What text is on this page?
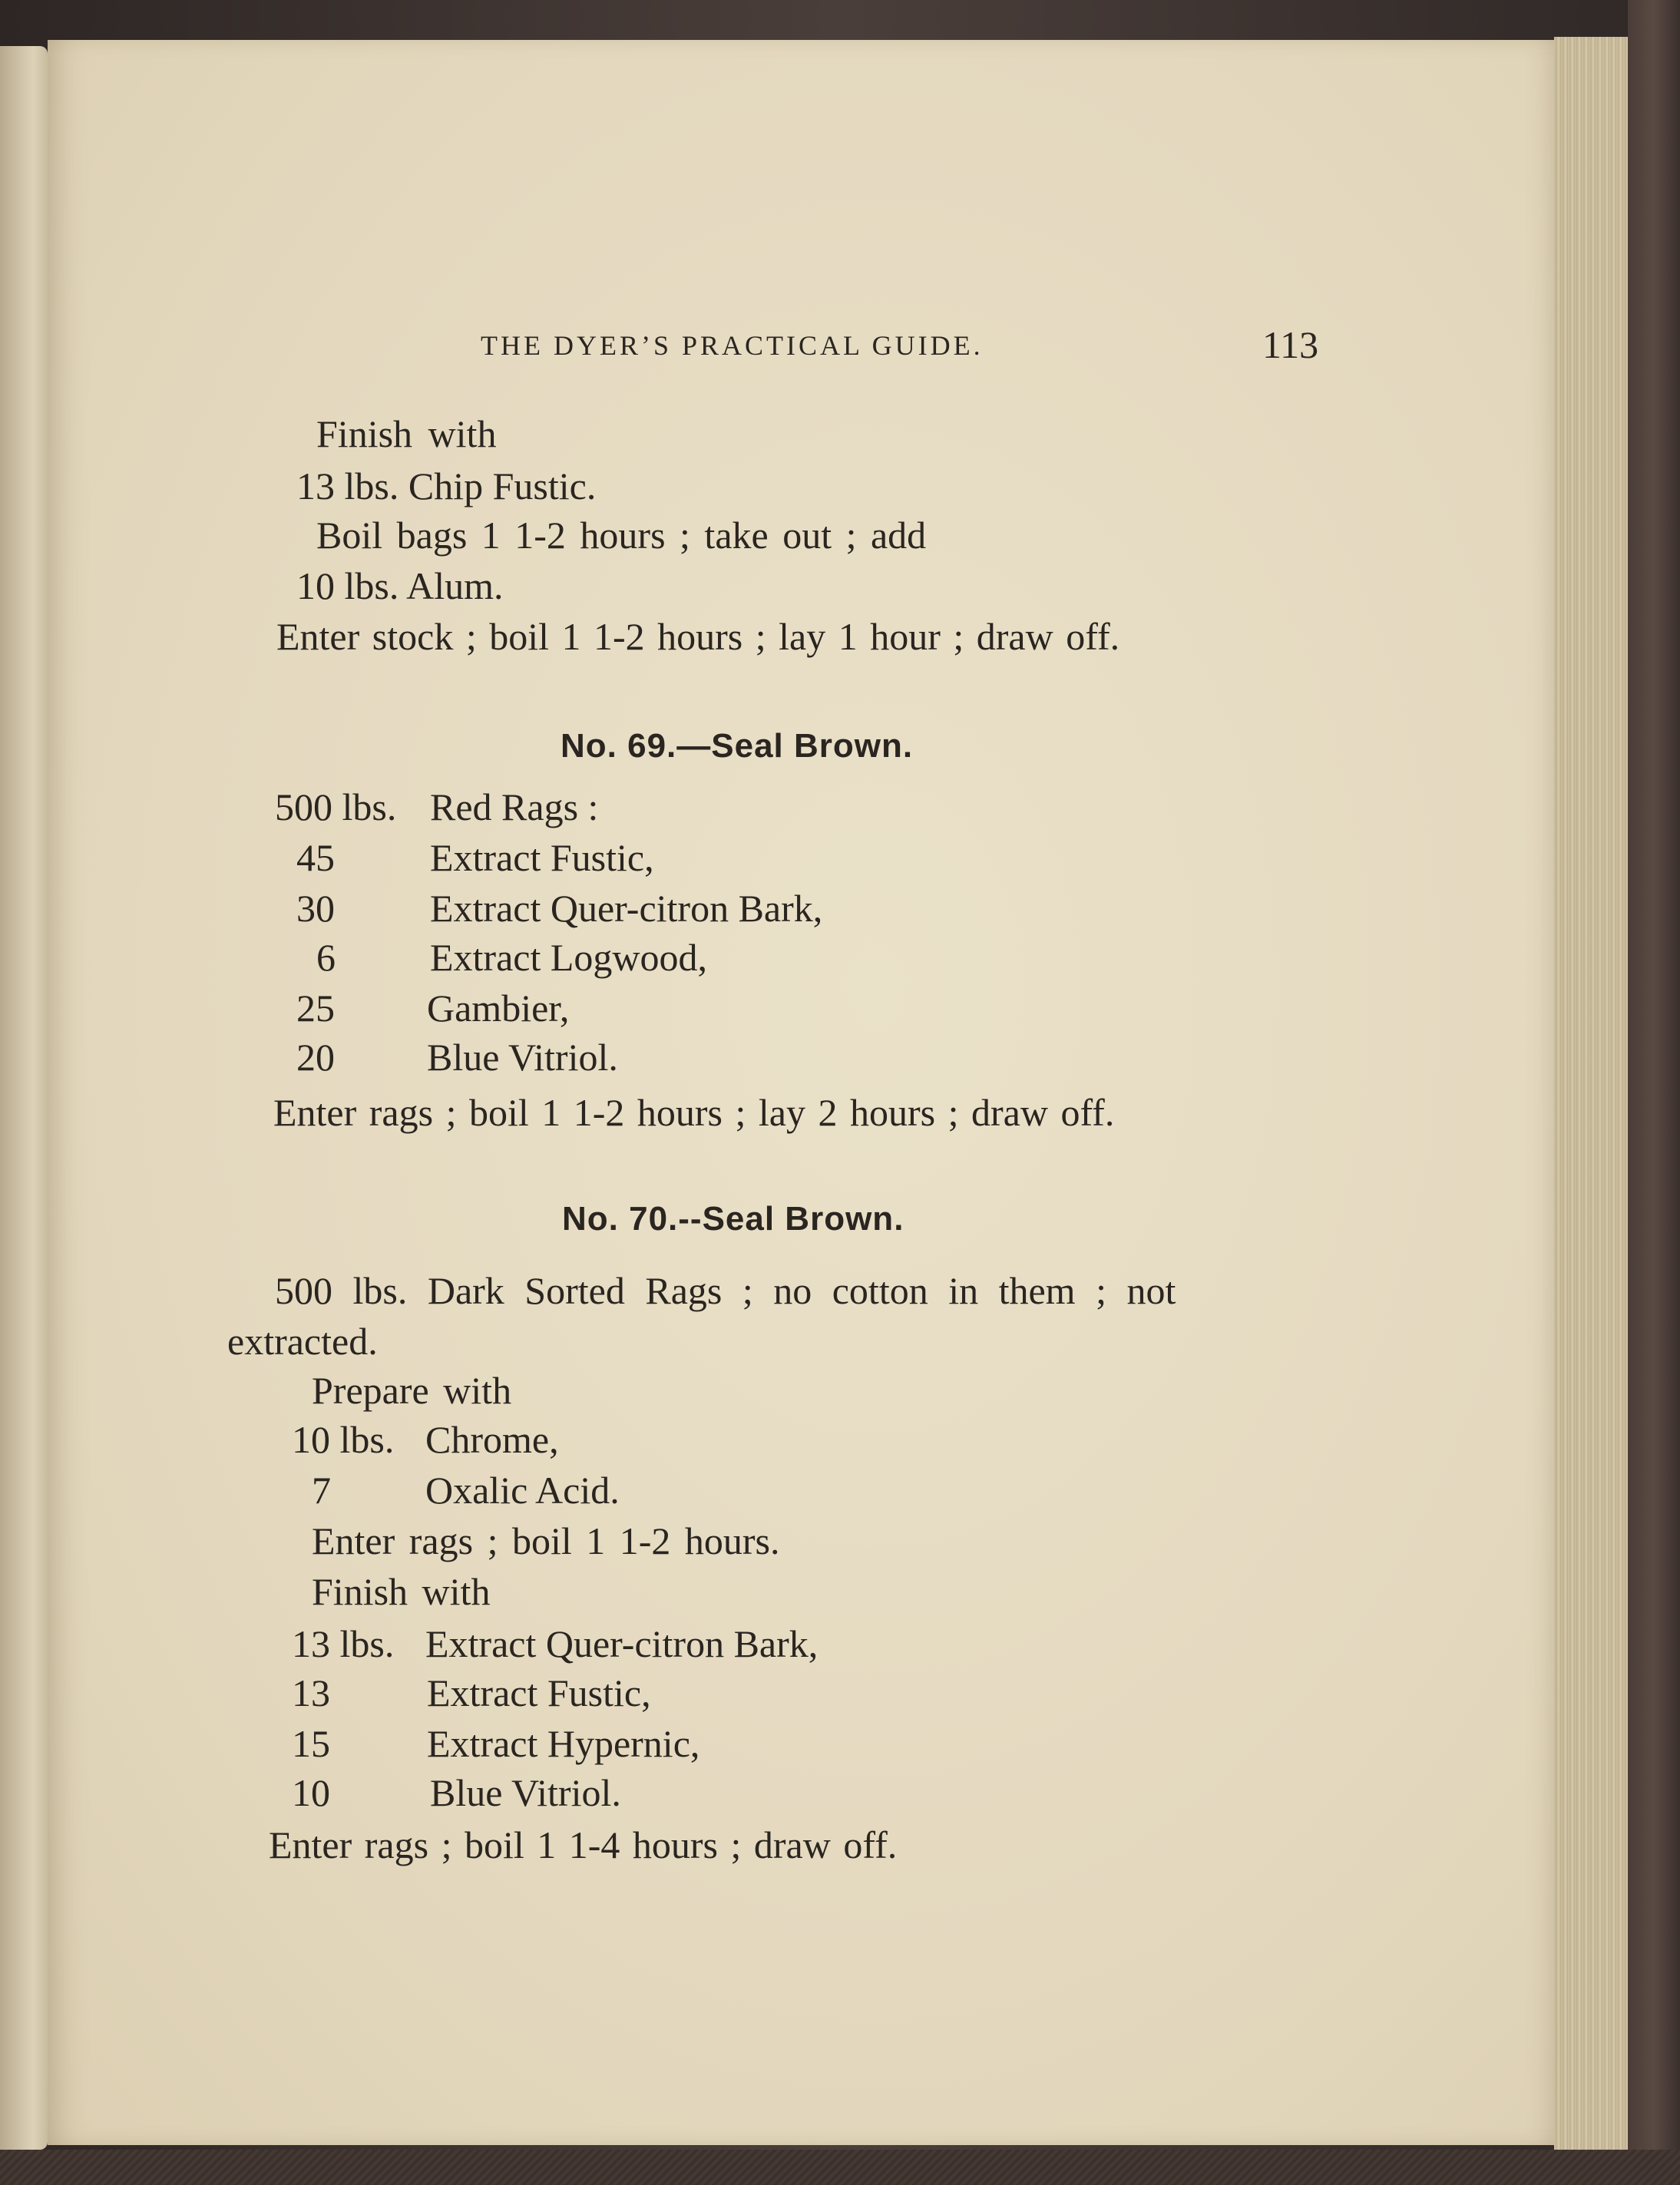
THE DYER’S PRACTICAL GUIDE.	113
Finish with
13 lbs. Chip Fustic.
Boil bags 1 1-2 hours ; take out ; add
10 lbs. Alum.
Enter stock ; boil 1 1-2 hours ; lay 1 hour ; draw off.
No. 69.—Seal Brown.
500 lbs. Red Rags :
45 Extract Fustic,
30 Extract Quer-citron Bark,
6 Extract Logwood,
25 Gambier,
20 Blue Vitriol.
Enter rags ; boil 1 1-2 hours ; lay 2 hours ; draw off.
No. 70.--Seal Brown.
500 lbs. Dark Sorted Rags ; no cotton in them ; not
extracted.
Prepare with
10 lbs. Chrome,
7 Oxalic Acid.
Enter rags ; boil 1 1-2 hours.
Finish with
13 lbs. Extract Quer-citron Bark,
13	Extract Fustic,
15	Extract Hypernic,
10	Blue Vitriol.
Enter rags ; boil 1 1-4 hours ; draw off.
